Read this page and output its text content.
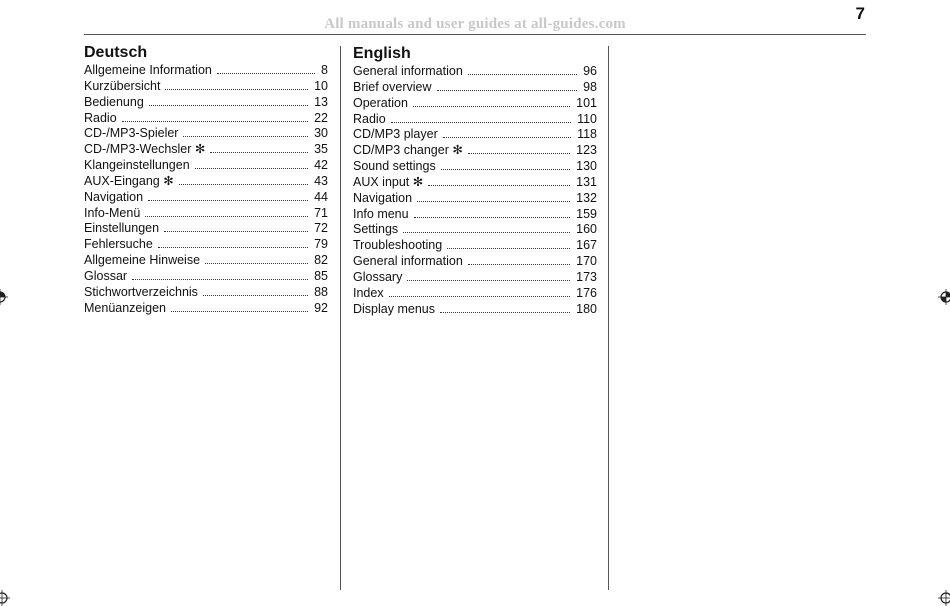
All manuals and user guides at all-guides.com
7
Deutsch
Allgemeine Information	8
Kurzübersicht	10
Bedienung	13
Radio	22
CD-/MP3-Spieler	30
CD-/MP3-Wechsler ✻	35
Klangeinstellungen	42
AUX-Eingang ✻	43
Navigation	44
Info-Menü	71
Einstellungen	72
Fehlersuche	79
Allgemeine Hinweise	82
Glossar	85
Stichwortverzeichnis	88
Menüanzeigen	92
English
General information	96
Brief overview	98
Operation	101
Radio	110
CD/MP3 player	118
CD/MP3 changer ✻	123
Sound settings	130
AUX input ✻	131
Navigation	132
Info menu	159
Settings	160
Troubleshooting	167
General information	170
Glossary	173
Index	176
Display menus	180
